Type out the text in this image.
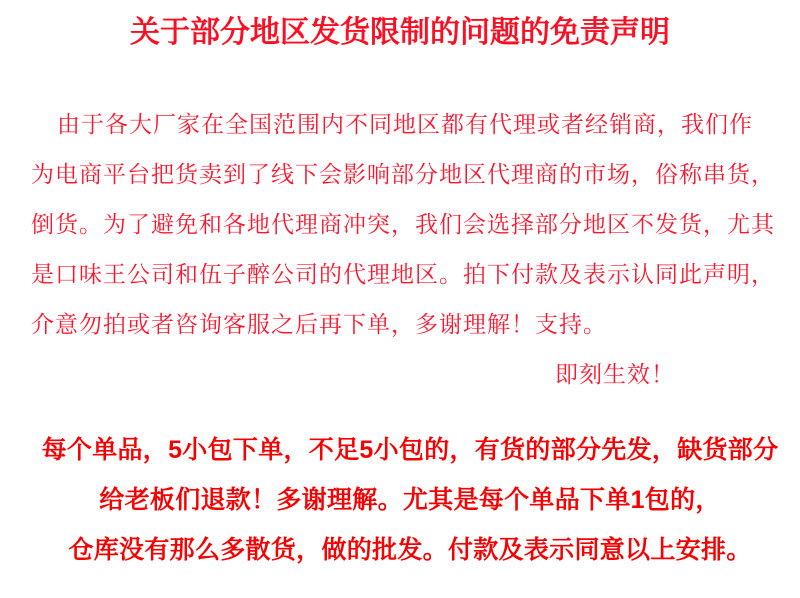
关于部分地区发货限制的问题的免责声明

由于各大厂家在全国范围内不同地区都有代理或者经销商，我们作

为电商平台把货卖到了线下会影响部分地区代理商的市场，俗称串货，

倒货。为了避免和各地代理商冲突，我们会选择部分地区不发货，尤其

是口味王公司和伍子醉公司的代理地区。拍下付款及表示认同此声明，

介意勿拍或者咨询客服之后再下单，多谢理解！支持。

即刻生效！

每个单品，5小包下单，不足5小包的，有货的部分先发，缺货部分

给老板们退款！多谢理解。尤其是每个单品下单1包的，

仓库没有那么多散货，做的批发。付款及表示同意以上安排。
